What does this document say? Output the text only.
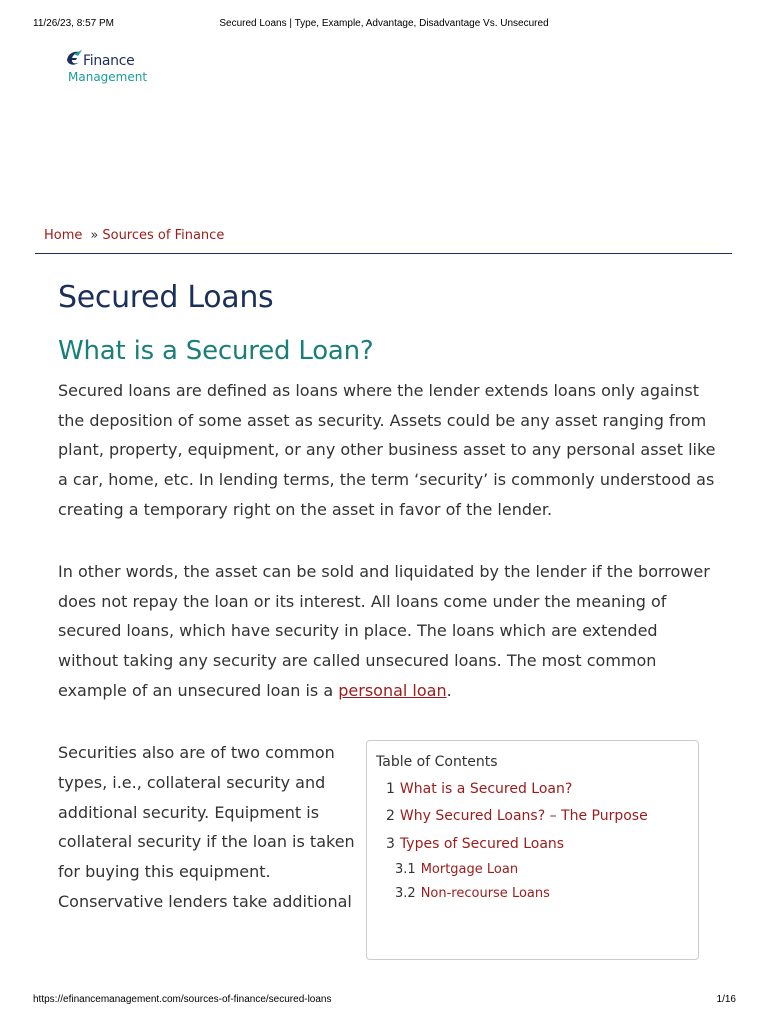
11/26/23, 8:57 PM	Secured Loans | Type, Example, Advantage, Disadvantage Vs. Unsecured
Finance
Management
Home » Sources of Finance
Secured Loans
What is a Secured Loan?

Secured loans are defined as loans where the lender extends loans only against the deposition of some asset as security. Assets could be any asset ranging from plant, property, equipment, or any other business asset to any personal asset like a car, home, etc. In lending terms, the term ‘security’ is commonly understood as creating a temporary right on the asset in favor of the lender.

In other words, the asset can be sold and liquidated by the lender if the borrower does not repay the loan or its interest. All loans come under the meaning of secured loans, which have security in place. The loans which are extended without taking any security are called unsecured loans. The most common example of an unsecured loan is a personal loan.

Securities also are of two common types, i.e., collateral security and additional security. Equipment is collateral security if the loan is taken for buying this equipment. Conservative lenders take additional

Table of Contents
1 What is a Secured Loan?
2 Why Secured Loans? – The Purpose
3 Types of Secured Loans
3.1 Mortgage Loan
3.2 Non-recourse Loans
https://efinancemanagement.com/sources-of-finance/secured-loans	1/16
